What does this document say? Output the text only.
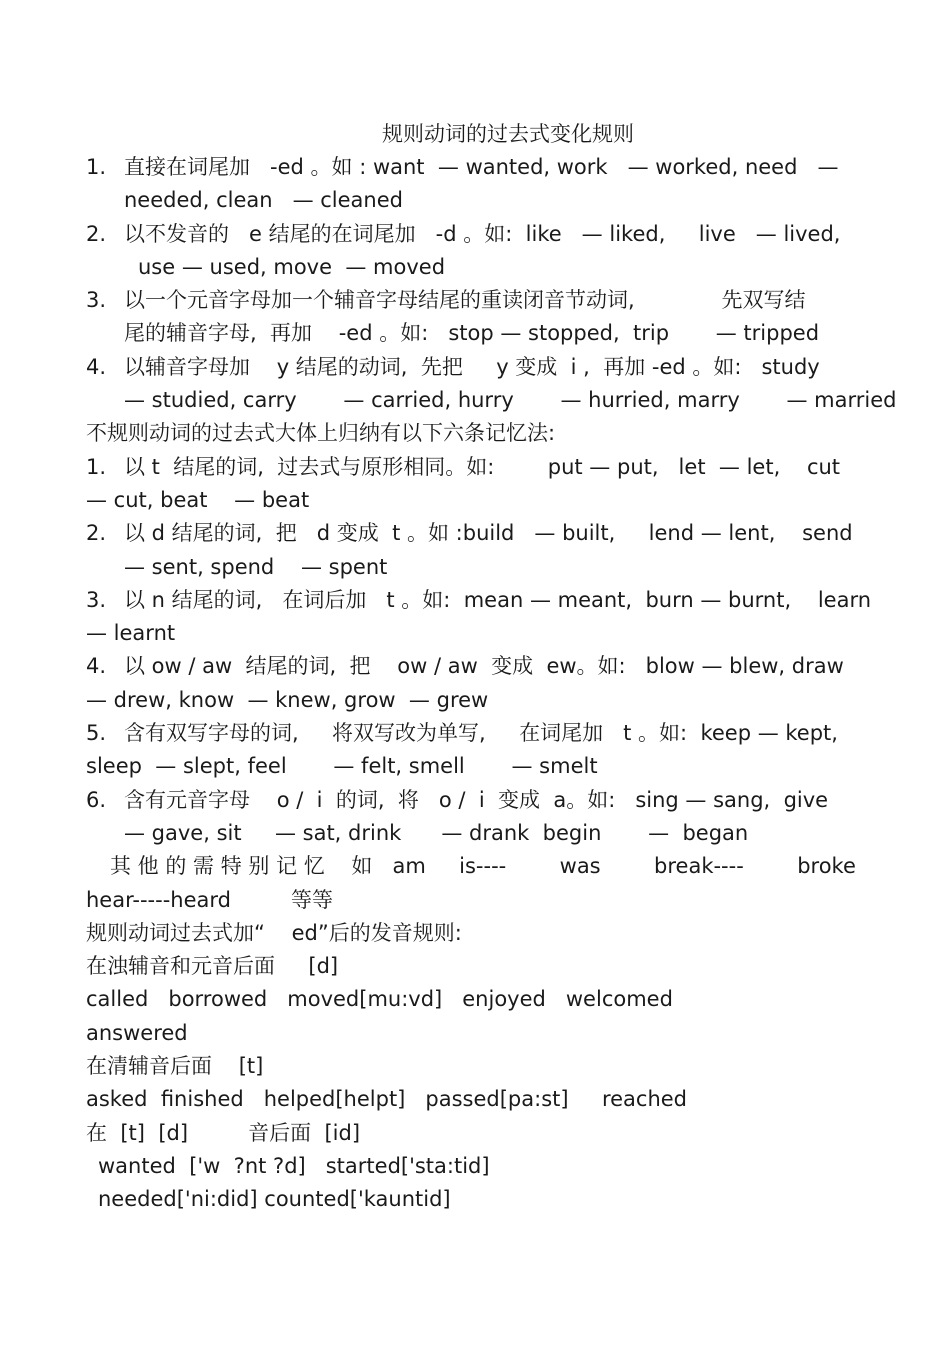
规则动词的过去式变化规则

1. 直接在词尾加   -ed 。如 : want  — wanted, work   — worked, need   —

needed, clean   — cleaned

2. 以不发音的   e 结尾的在词尾加   -d 。如:  like   — liked,     live   — lived,

use — used, move  — moved

3. 以一个元音字母加一个辅音字母结尾的重读闭音节动词,             先双写结

尾的辅音字母,  再加    -ed 。如:   stop — stopped,  trip       — tripped

4. 以辅音字母加    y 结尾的动词,  先把     y 变成  i ,  再加 -ed 。如:   study

— studied, carry       — carried, hurry       — hurried, marry       — married

不规则动词的过去式大体上归纳有以下六条记忆法:

1. 以 t  结尾的词,  过去式与原形相同。如:        put — put,   let  — let,    cut

— cut, beat    — beat

2. 以 d 结尾的词,  把   d 变成  t 。如 :build   — built,     lend — lent,    send

— sent, spend    — spent

3. 以 n 结尾的词,   在词后加   t 。如:  mean — meant,  burn — burnt,    learn

— learnt

4. 以 ow / aw  结尾的词,  把    ow / aw  变成  ew。如:   blow — blew, draw

— drew, know  — knew, grow  — grew

5. 含有双写字母的词,     将双写改为单写,     在词尾加   t 。如:  keep — kept,

sleep  — slept, feel       — felt, smell       — smelt

6. 含有元音字母    o /  i  的词,  将   o /  i  变成  a。如:   sing — sang,  give

— gave, sit     — sat, drink      — drank  begin       —  began

其 他 的 需 特 别 记 忆    如   am     is----        was        break----        broke

hear-----heard         等等

规则动词过去式加“    ed”后的发音规则:

在浊辅音和元音后面     [d]

called   borrowed   moved[mu:vd]   enjoyed   welcomed

answered

在清辅音后面    [t]

asked  finished   helped[helpt]   passed[pa:st]     reached

在  [t]  [d]         音后面  [id]

wanted  ['w  ?nt ?d]   started['sta:tid]

needed['ni:did] counted['kauntid]
